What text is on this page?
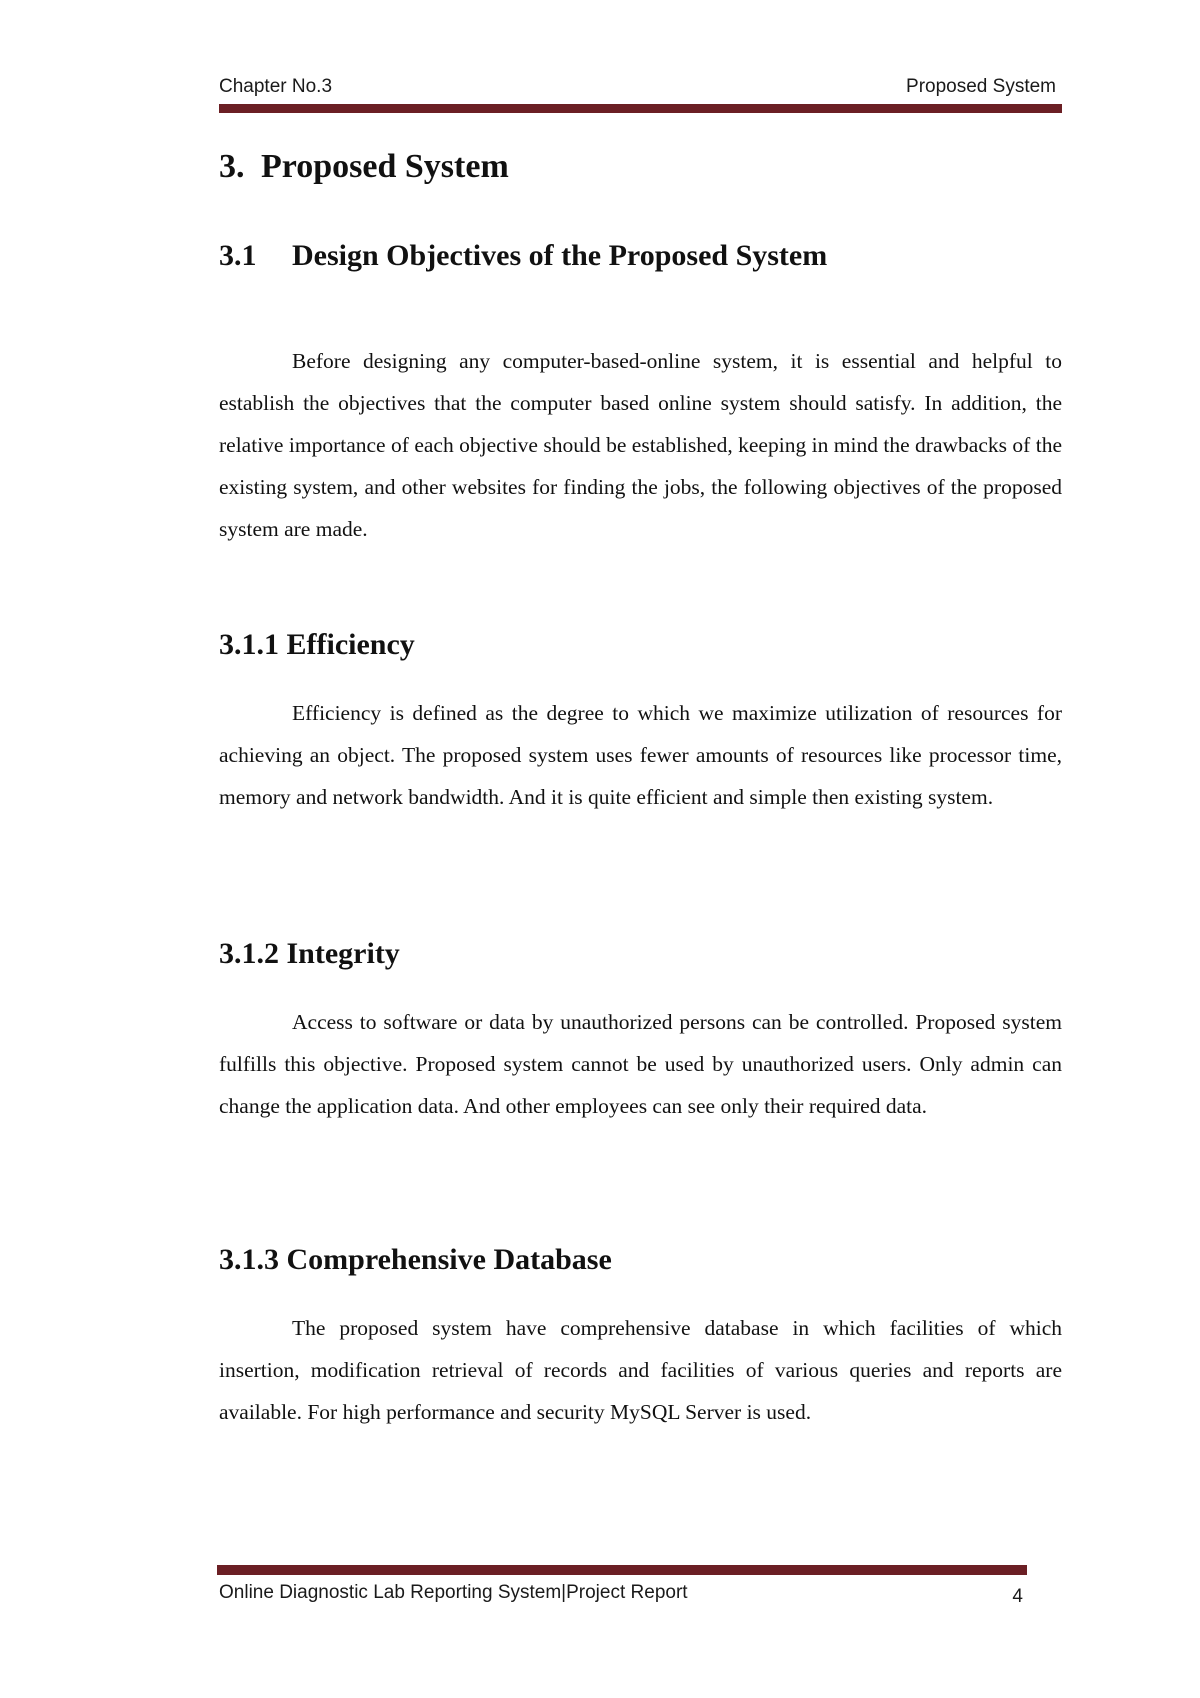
Chapter No.3	Proposed System
3. Proposed System
3.1 Design Objectives of the Proposed System

Before designing any computer-based-online system, it is essential and helpful to establish the objectives that the computer based online system should satisfy. In addition, the relative importance of each objective should be established, keeping in mind the drawbacks of the existing system, and other websites for finding the jobs, the following objectives of the proposed system are made.

3.1.1 Efficiency

Efficiency is defined as the degree to which we maximize utilization of resources for achieving an object. The proposed system uses fewer amounts of resources like processor time, memory and network bandwidth. And it is quite efficient and simple then existing system.

3.1.2 Integrity

Access to software or data by unauthorized persons can be controlled. Proposed system fulfills this objective. Proposed system cannot be used by unauthorized users. Only admin can change the application data. And other employees can see only their required data.

3.1.3 Comprehensive Database

The proposed system have comprehensive database in which facilities of which insertion, modification retrieval of records and facilities of various queries and reports are available. For high performance and security MySQL Server is used.

Online Diagnostic Lab Reporting System|Project Report	4
